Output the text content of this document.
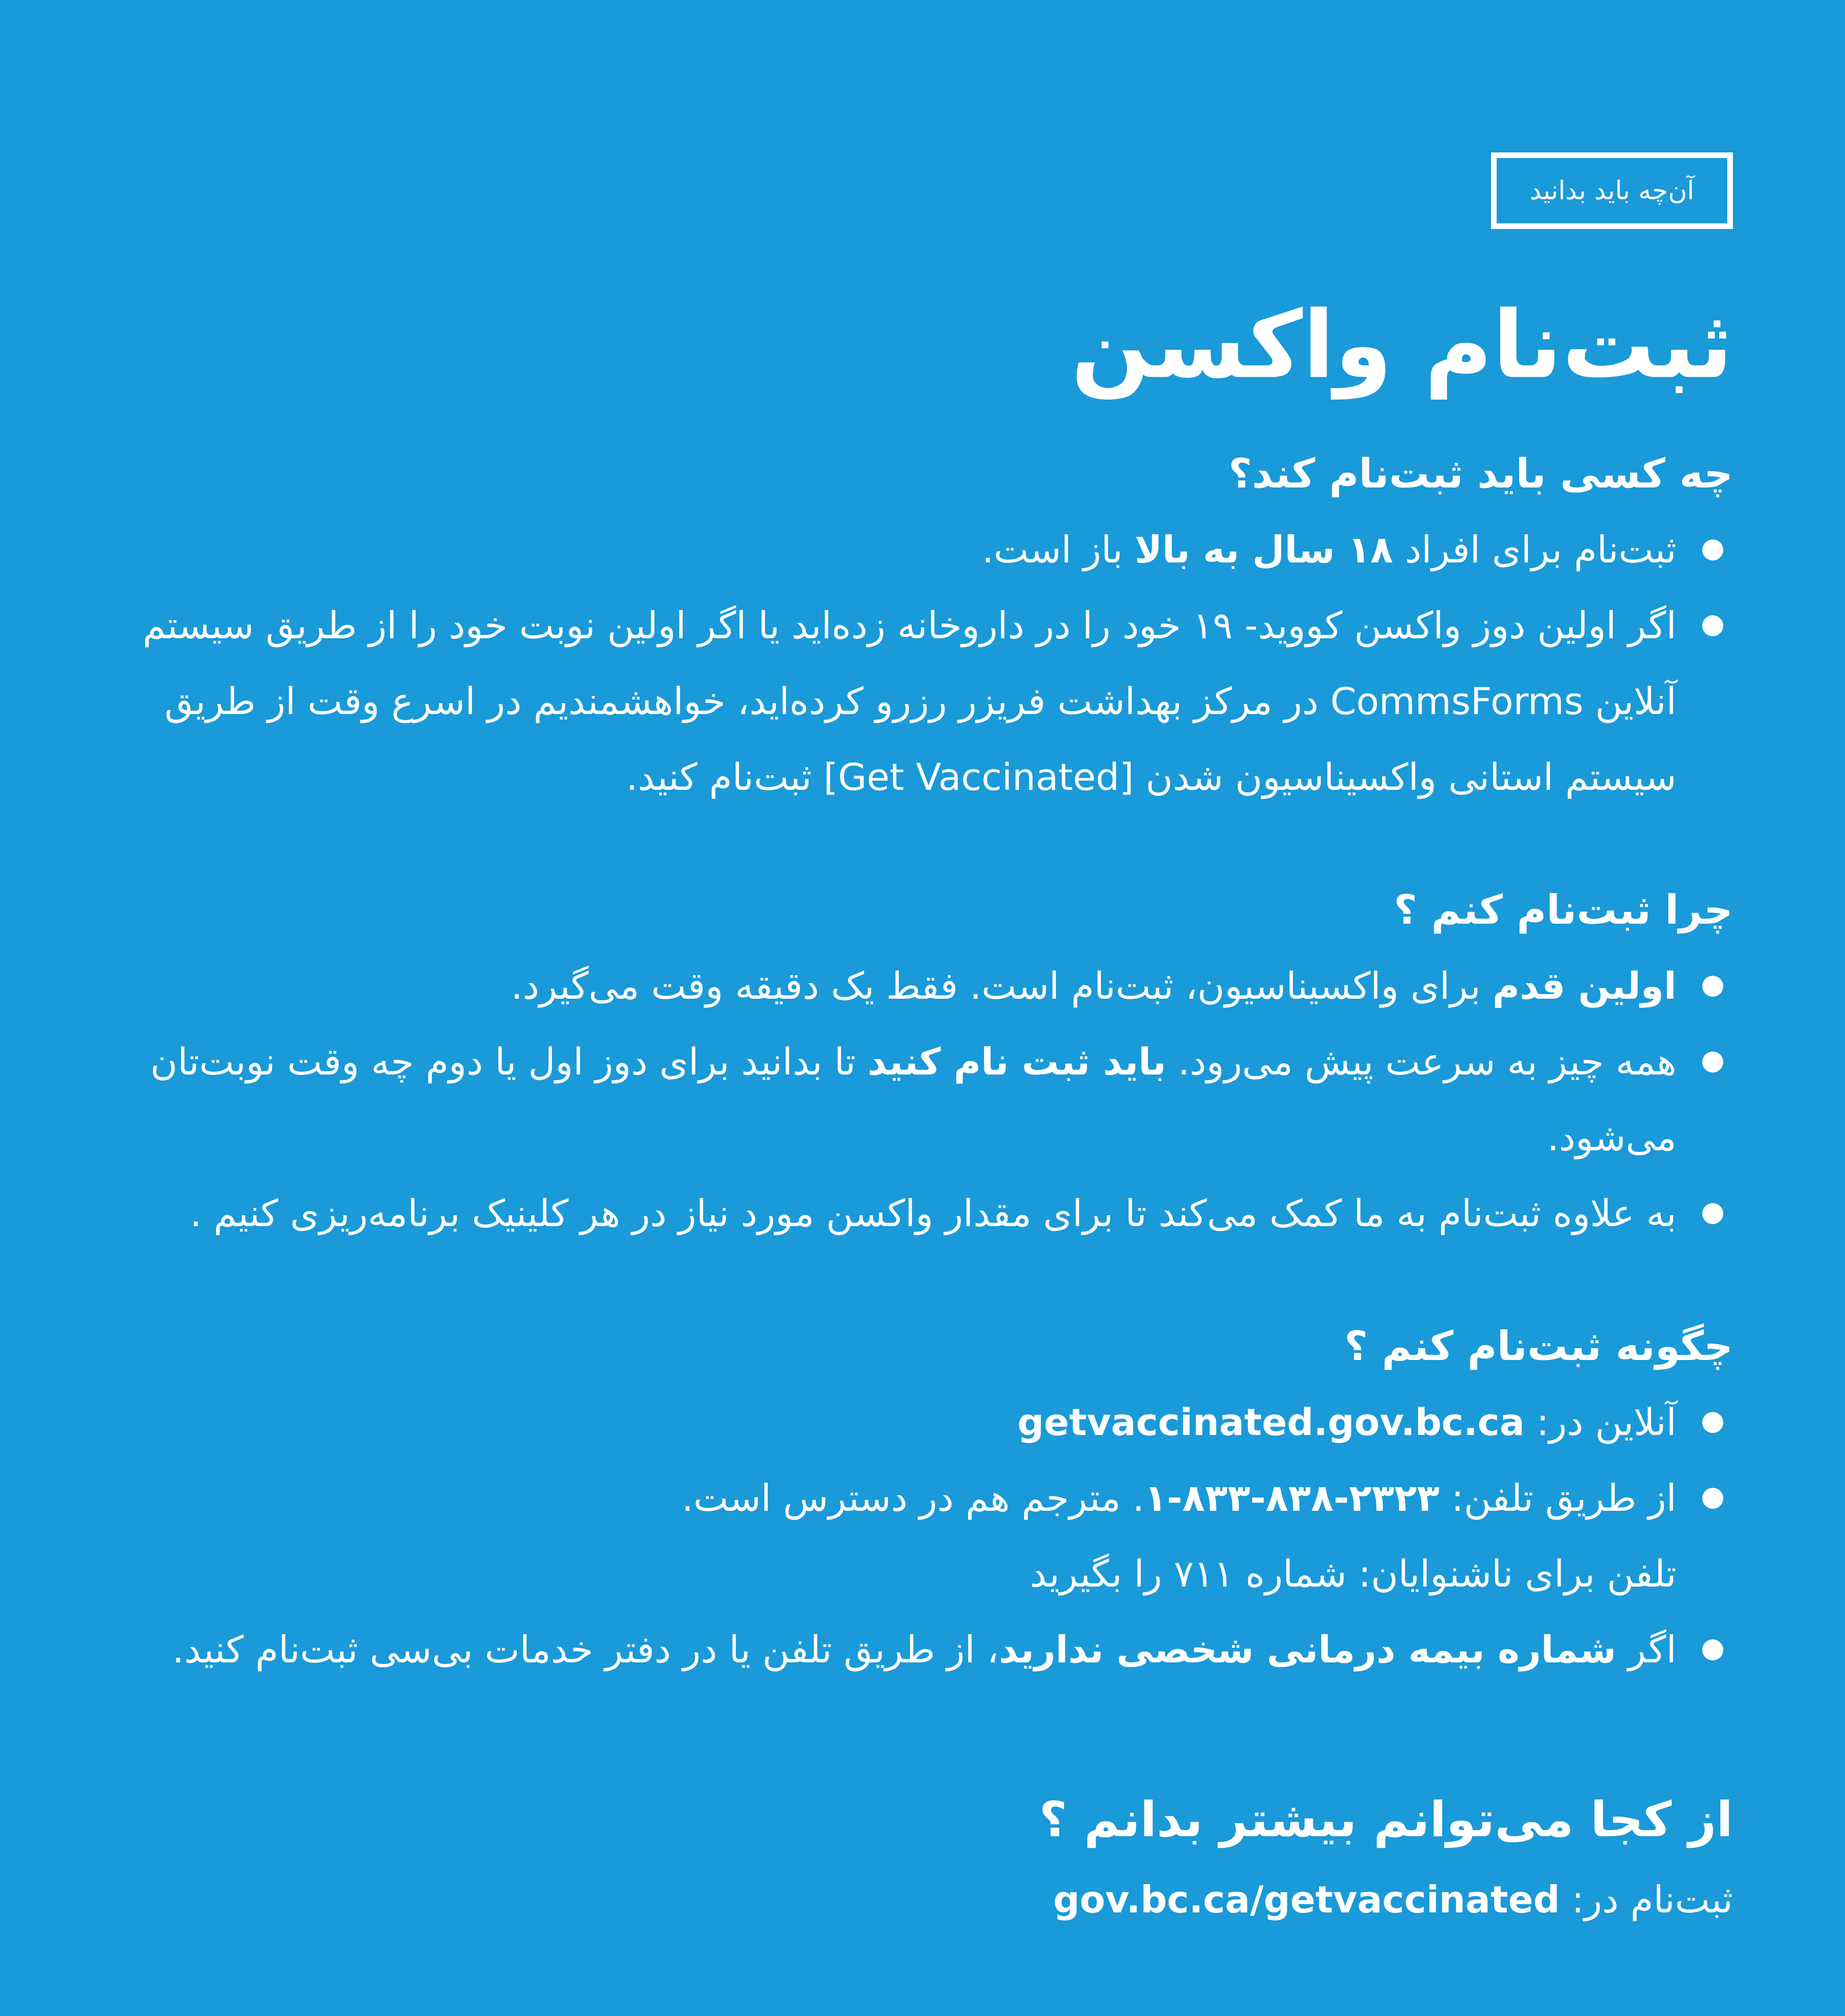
آن‌چه باید بدانید
ثبت‌نام واکسن
چه کسی باید ثبت‌نام کند؟
ثبت‌نام برای افراد ۱۸ سال به بالا باز است.
اگر اولین دوز واکسن کووید- ۱۹ خود را در داروخانه زده‌اید یا اگر اولین نوبت خود را از طریق سیستم آنلاین CommsForms در مرکز بهداشت فریزر رزرو کرده‌اید، خواهشمندیم در اسرع وقت از طریق سیستم استانی واکسیناسیون شدن [Get Vaccinated] ثبت‌نام کنید.
چرا ثبت‌نام کنم ؟
اولین قدم برای واکسیناسیون، ثبت‌نام است. فقط یک دقیقه وقت می‌گیرد.
همه چیز به سرعت پیش می‌رود. باید ثبت نام کنید تا بدانید برای دوز اول یا دوم چه وقت نوبت‌تان می‌شود.
به علاوه ثبت‌نام به ما کمک می‌کند تا برای مقدار واکسن مورد نیاز در هر کلینیک برنامه‌ریزی کنیم .
چگونه ثبت‌نام کنم ؟
آنلاین در: getvaccinated.gov.bc.ca
از طریق تلفن: ۱-۸۳۳-۸۳۸-۲۳۲۳. مترجم هم در دسترس است.
تلفن برای ناشنوایان: شماره ۷۱۱ را بگیرید
اگر شماره بیمه درمانی شخصی ندارید، از طریق تلفن یا در دفتر خدمات بی‌سی ثبت‌نام کنید.
از کجا می‌توانم بیشتر بدانم ؟
ثبت‌نام در: gov.bc.ca/getvaccinated
